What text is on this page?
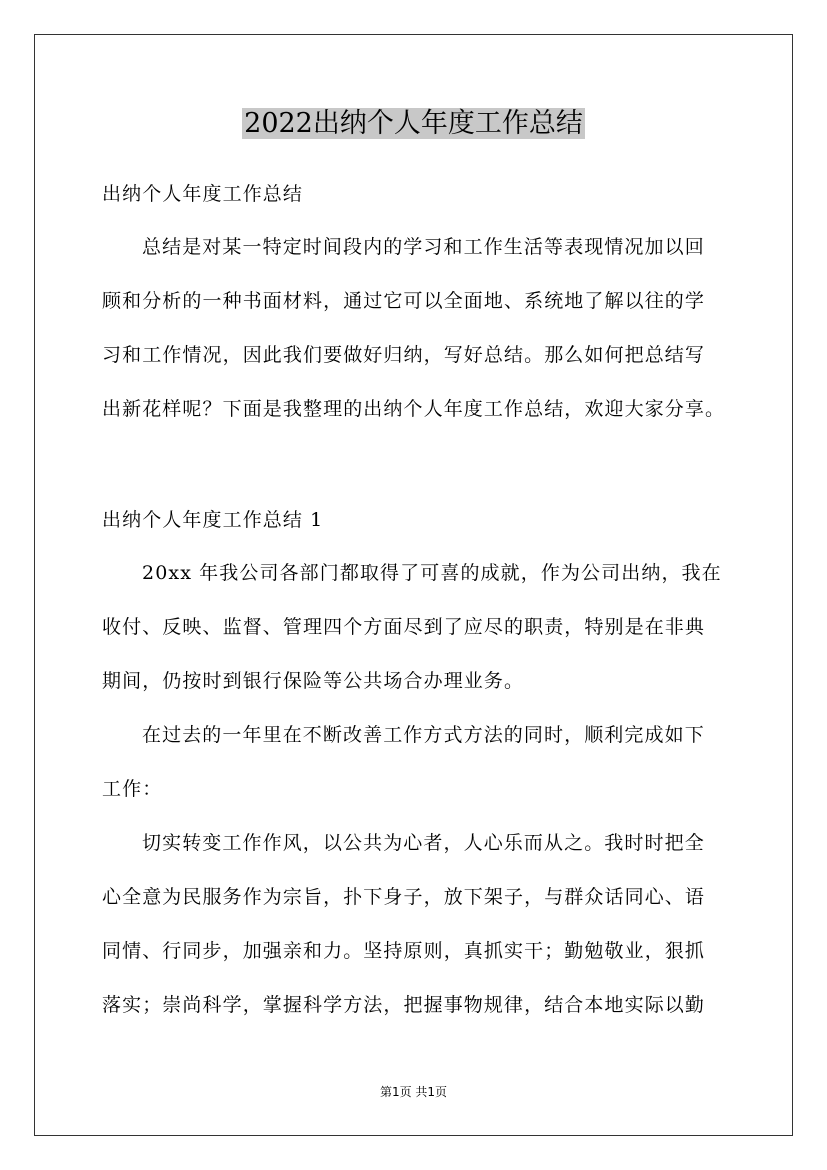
2022出纳个人年度工作总结

出纳个人年度工作总结

总结是对某一特定时间段内的学习和工作生活等表现情况加以回

顾和分析的一种书面材料，通过它可以全面地、系统地了解以往的学

习和工作情况，因此我们要做好归纳，写好总结。那么如何把总结写

出新花样呢？下面是我整理的出纳个人年度工作总结，欢迎大家分享。

出纳个人年度工作总结 1

20xx 年我公司各部门都取得了可喜的成就，作为公司出纳，我在

收付、反映、监督、管理四个方面尽到了应尽的职责，特别是在非典

期间，仍按时到银行保险等公共场合办理业务。

在过去的一年里在不断改善工作方式方法的同时，顺利完成如下

工作：

切实转变工作作风，以公共为心者，人心乐而从之。我时时把全

心全意为民服务作为宗旨，扑下身子，放下架子，与群众话同心、语

同情、行同步，加强亲和力。坚持原则，真抓实干；勤勉敬业，狠抓

落实；崇尚科学，掌握科学方法，把握事物规律，结合本地实际以勤

第1页 共1页
